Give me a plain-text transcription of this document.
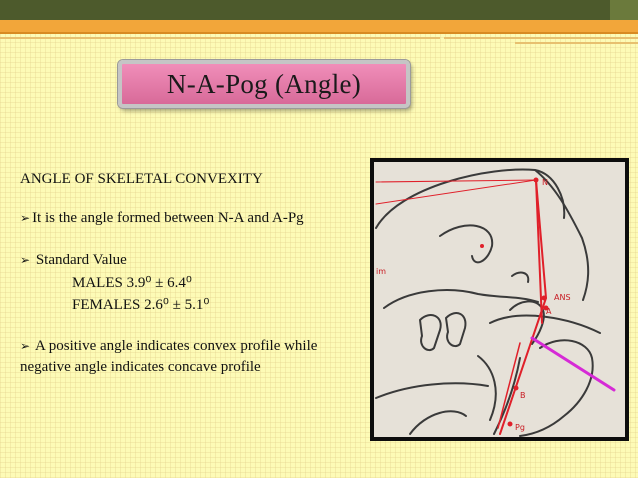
N-A-Pog (Angle)
ANGLE OF SKELETAL CONVEXITY
➢ It is the angle formed between N-A and A-Pg
➢ Standard Value
MALES 3.9⁰ ± 6.4⁰
FEMALES 2.6⁰ ± 5.1⁰
➢ A positive angle indicates convex profile while
negative angle indicates concave profile
N
ANS
A
B
Pg
im
